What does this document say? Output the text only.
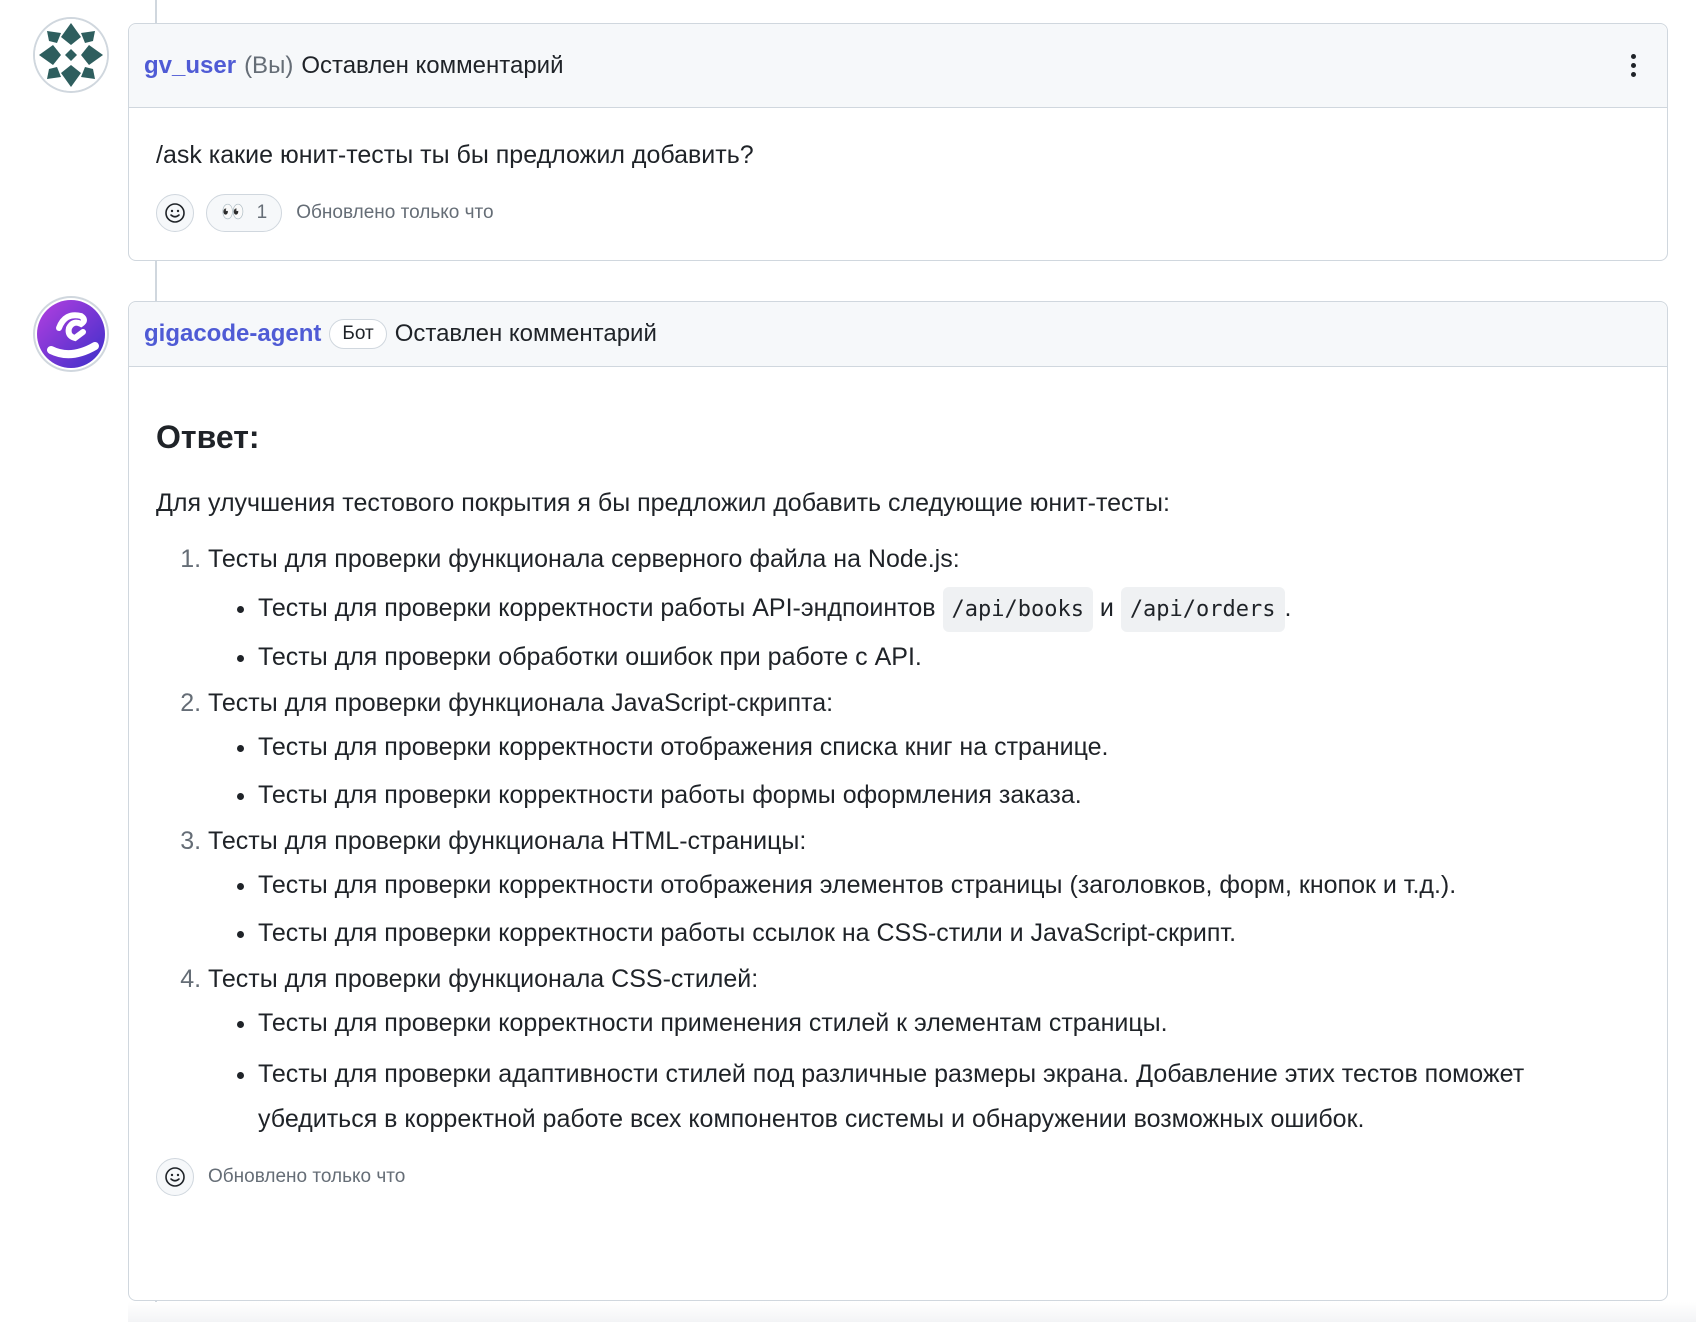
gv_user (Вы) Оставлен комментарий
/ask какие юнит-тесты ты бы предложил добавить?
👀 1 Обновлено только что
gigacode-agent	Бот Оставлен комментарий
Ответ:

Для улучшения тестового покрытия я бы предложил добавить следующие юнит-тесты:

1. Тесты для проверки функционала серверного файла на Node.js:
• Тесты для проверки корректности работы API-эндпоинтов /api/books и /api/orders .
• Тесты для проверки обработки ошибок при работе с API.
2. Тесты для проверки функционала JavaScript-скрипта:
• Тесты для проверки корректности отображения списка книг на странице.
• Тесты для проверки корректности работы формы оформления заказа.
3. Тесты для проверки функционала HTML-страницы:
• Тесты для проверки корректности отображения элементов страницы (заголовков, форм, кнопок и т.д.).
• Тесты для проверки корректности работы ссылок на CSS-стили и JavaScript-скрипт.
4. Тесты для проверки функционала CSS-стилей:
• Тесты для проверки корректности применения стилей к элементам страницы.
• Тесты для проверки адаптивности стилей под различные размеры экрана. Добавление этих тестов поможет убедиться в корректной работе всех компонентов системы и обнаружении возможных ошибок.
Обновлено только что
